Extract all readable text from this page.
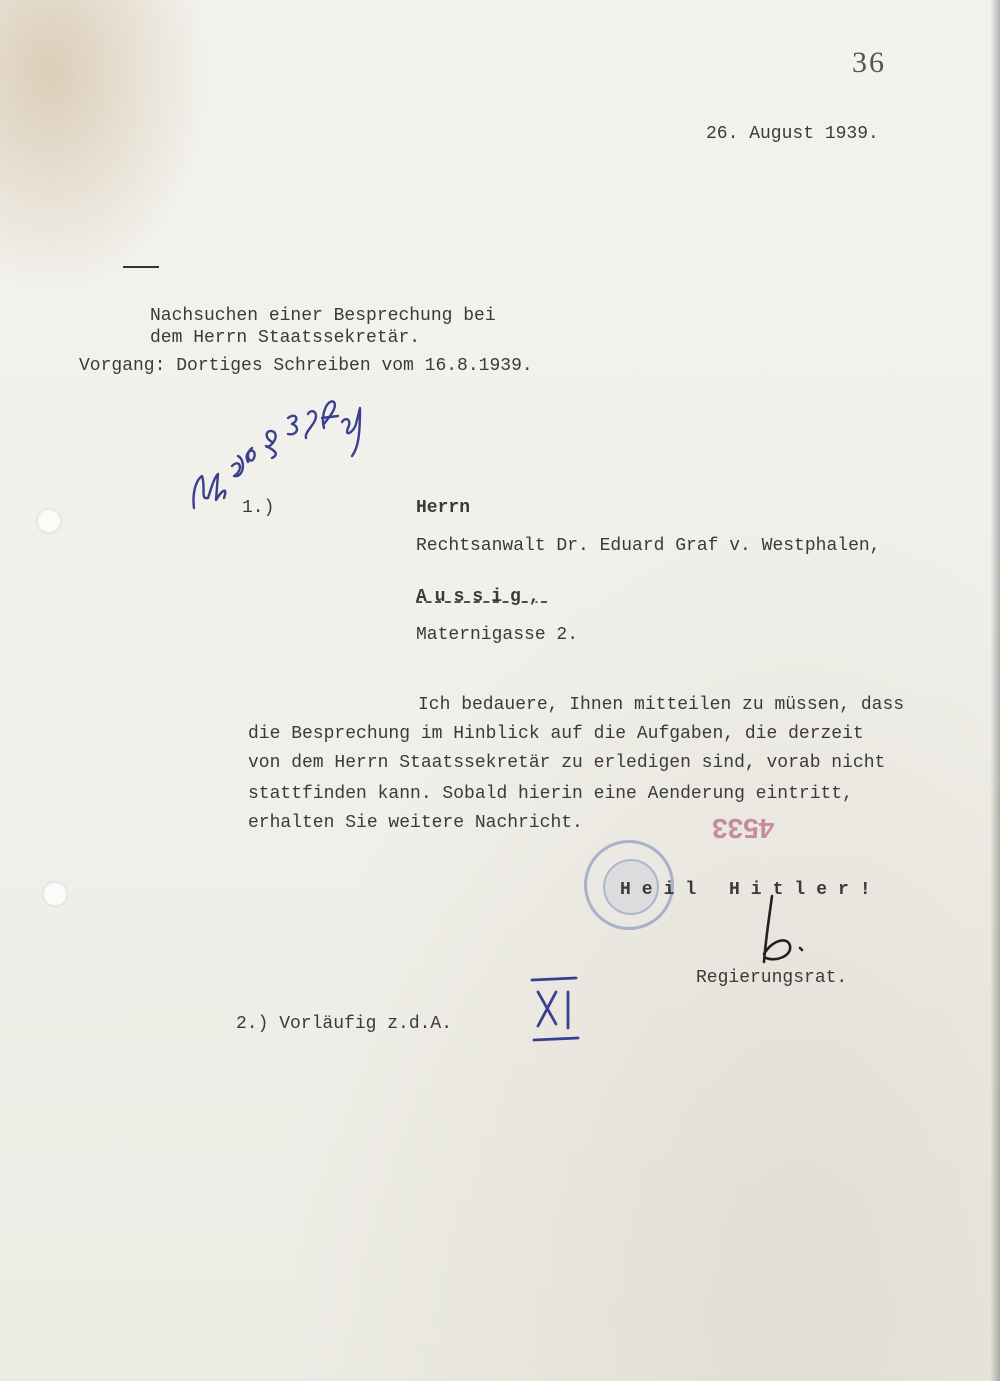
36
26. August 1939.
Nachsuchen einer Besprechung bei
dem Herrn Staatssekretär.
Vorgang: Dortiges Schreiben vom 16.8.1939.
1.)	Herrn
Rechtsanwalt Dr. Eduard Graf v. Westphalen,
Aussig,
Maternigasse 2.
Ich bedauere, Ihnen mitteilen zu müssen, dass
die Besprechung im Hinblick auf die Aufgaben, die derzeit
von dem Herrn Staatssekretär zu erledigen sind, vorab nicht
stattfinden kann. Sobald hierin eine Aenderung eintritt,
erhalten Sie weitere Nachricht.	4533
Heil Hitler!
Regierungsrat.
2.) Vorläufig z.d.A.
